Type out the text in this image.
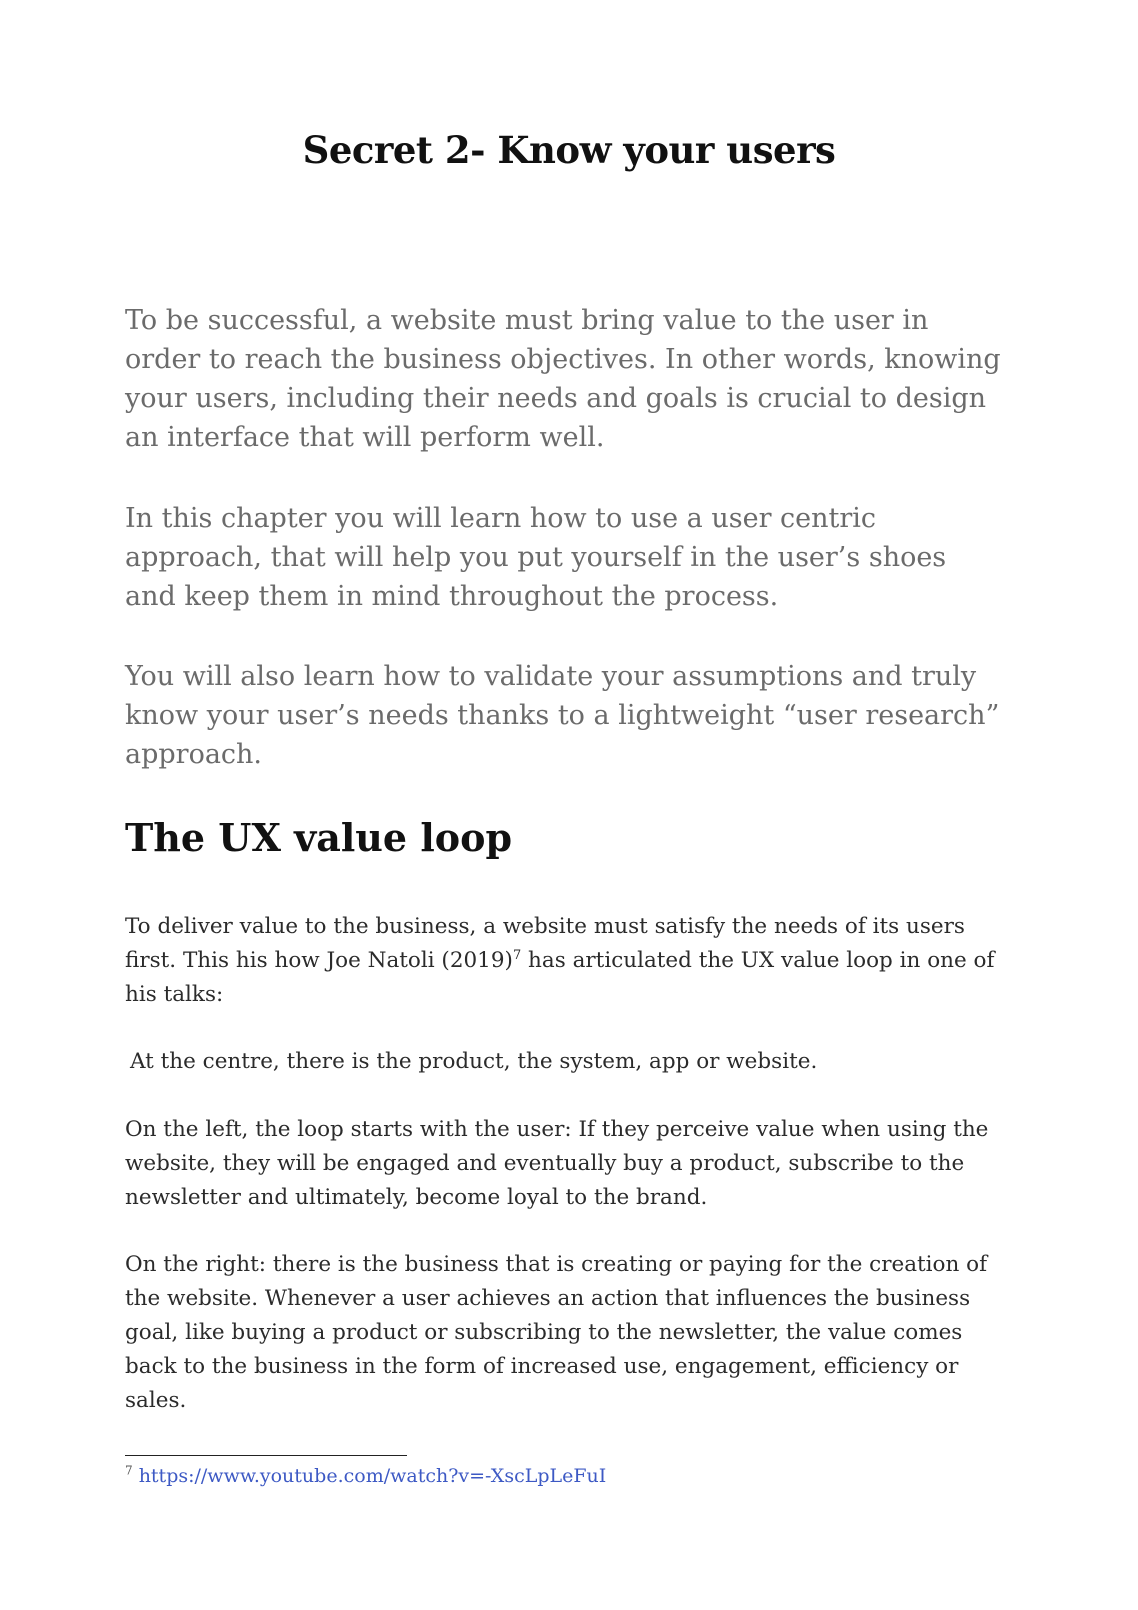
Secret 2- Know your users

To be successful, a website must bring value to the user in order to reach the business objectives. In other words, knowing your users, including their needs and goals is crucial to design an interface that will perform well.

In this chapter you will learn how to use a user centric approach, that will help you put yourself in the user’s shoes and keep them in mind throughout the process.

You will also learn how to validate your assumptions and truly know your user’s needs thanks to a lightweight “user research” approach.

The UX value loop

To deliver value to the business, a website must satisfy the needs of its users first. This his how Joe Natoli $(2019)^7$ has articulated the UX value loop in one of his talks:

At the centre, there is the product, the system, app or website.

On the left, the loop starts with the user: If they perceive value when using the website, they will be engaged and eventually buy a product, subscribe to the newsletter and ultimately, become loyal to the brand.

On the right: there is the business that is creating or paying for the creation of the website. Whenever a user achieves an action that influences the business goal, like buying a product or subscribing to the newsletter, the value comes back to the business in the form of increased use, engagement, efficiency or sales.

$^7$ https://www.youtube.com/watch?v=-XscLpLeFuI
